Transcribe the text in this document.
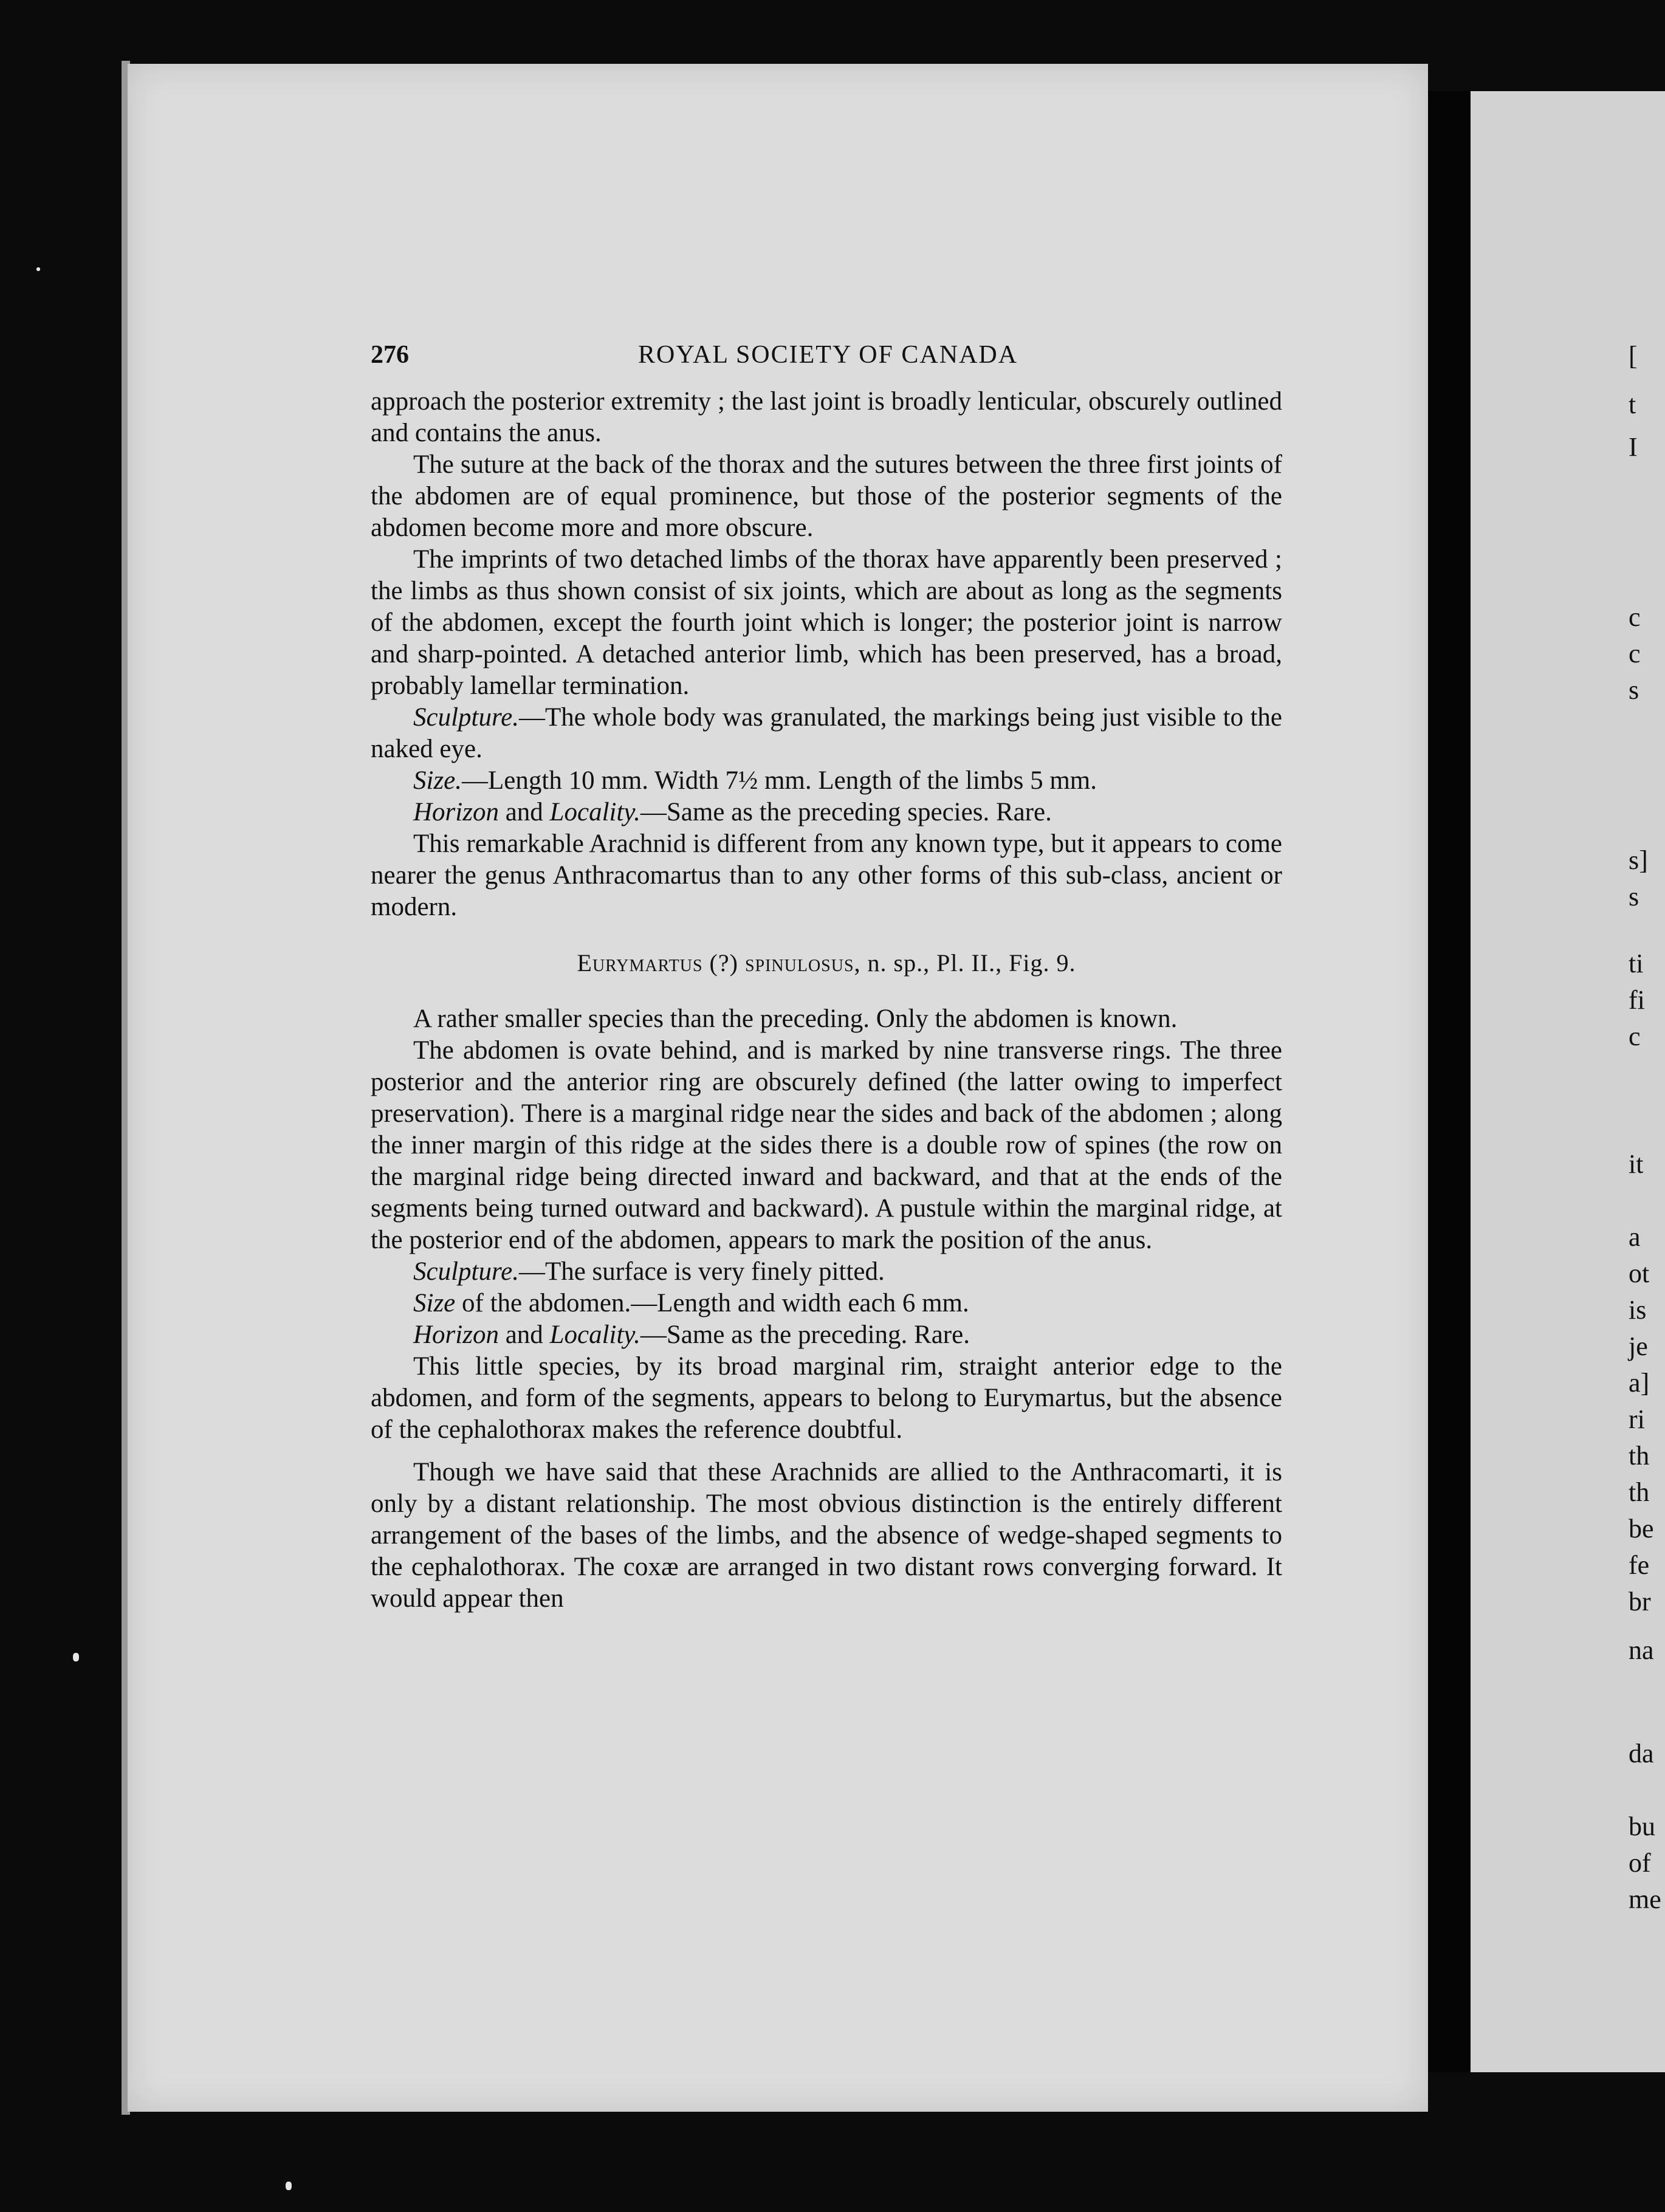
276	ROYAL SOCIETY OF CANADA

approach the posterior extremity ; the last joint is broadly lenticular, obscurely outlined and contains the anus.

The suture at the back of the thorax and the sutures between the three first joints of the abdomen are of equal prominence, but those of the posterior segments of the abdomen become more and more obscure.

The imprints of two detached limbs of the thorax have apparently been preserved ; the limbs as thus shown consist of six joints, which are about as long as the segments of the abdomen, except the fourth joint which is longer; the posterior joint is narrow and sharp-pointed. A detached anterior limb, which has been preserved, has a broad, probably lamellar termination.

Sculpture.—The whole body was granulated, the markings being just visible to the naked eye.

Size.—Length 10 mm. Width 7½ mm. Length of the limbs 5 mm.

Horizon and Locality.—Same as the preceding species. Rare.

This remarkable Arachnid is different from any known type, but it appears to come nearer the genus Anthracomartus than to any other forms of this sub-class, ancient or modern.

Eurymartus (?) spinulosus, n. sp., Pl. II., Fig. 9.

A rather smaller species than the preceding. Only the abdomen is known.

The abdomen is ovate behind, and is marked by nine transverse rings. The three posterior and the anterior ring are obscurely defined (the latter owing to imperfect preservation). There is a marginal ridge near the sides and back of the abdomen ; along the inner margin of this ridge at the sides there is a double row of spines (the row on the marginal ridge being directed inward and backward, and that at the ends of the segments being turned outward and backward). A pustule within the marginal ridge, at the posterior end of the abdomen, appears to mark the position of the anus.

Sculpture.—The surface is very finely pitted.

Size of the abdomen.—Length and width each 6 mm.

Horizon and Locality.—Same as the preceding. Rare.

This little species, by its broad marginal rim, straight anterior edge to the abdomen, and form of the segments, appears to belong to Eurymartus, but the absence of the cephalothorax makes the reference doubtful.

Though we have said that these Arachnids are allied to the Anthracomarti, it is only by a distant relationship. The most obvious distinction is the entirely different arrangement of the bases of the limbs, and the absence of wedge-shaped segments to the cephalothorax. The coxæ are arranged in two distant rows converging forward. It would appear then

[
t
I
c
c
s
s]
s
ti
fi
c
it
a
ot
is
je
a]
ri
th
th
be
fe
br
na
da
bu
of
me
